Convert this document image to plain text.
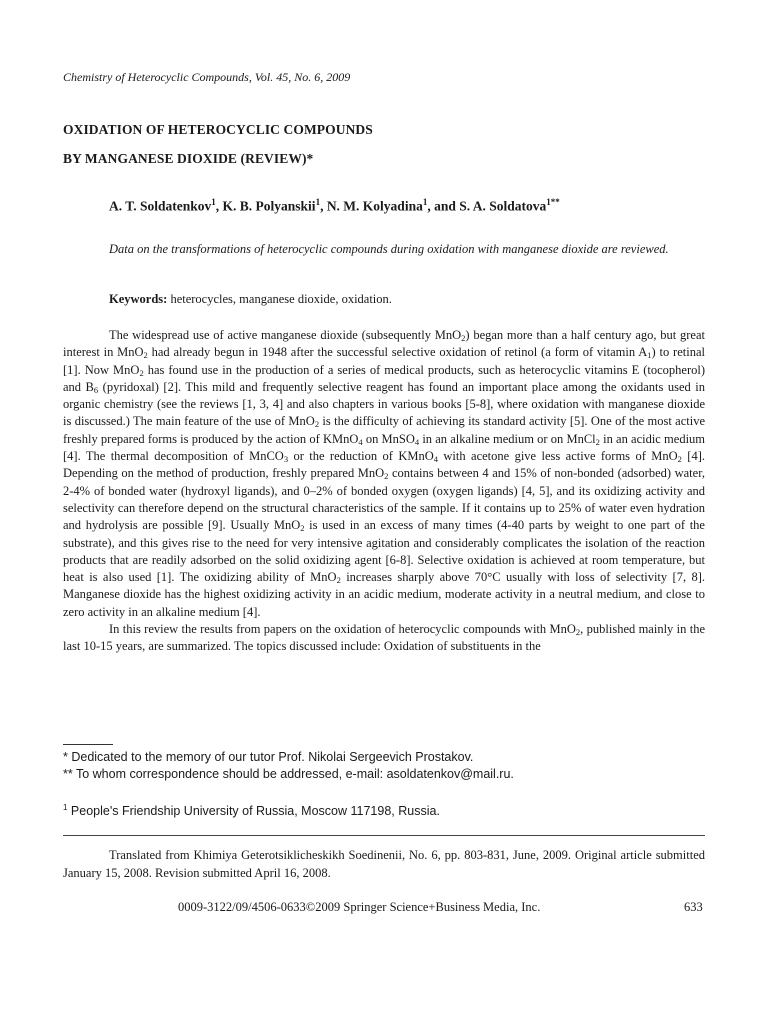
Chemistry of Heterocyclic Compounds, Vol. 45, No. 6, 2009
OXIDATION OF HETEROCYCLIC COMPOUNDS
BY MANGANESE DIOXIDE (REVIEW)*
A. T. Soldatenkov$^1$, K. B. Polyanskii$^1$, N. M. Kolyadina$^1$, and S. A. Soldatova$^{1**}$
Data on the transformations of heterocyclic compounds during oxidation with manganese dioxide are reviewed.
Keywords: heterocycles, manganese dioxide, oxidation.

The widespread use of active manganese dioxide (subsequently MnO$_2$) began more than a half century ago, but great interest in MnO$_2$ had already begun in 1948 after the successful selective oxidation of retinol (a form of vitamin $A_1$) to retinal [1]. Now MnO$_2$ has found use in the production of a series of medical products, such as heterocyclic vitamins E (tocopherol) and $B_6$ (pyridoxal) [2]. This mild and frequently selective reagent has found an important place among the oxidants used in organic chemistry (see the reviews [1, 3, 4] and also chapters in various books [5-8], where oxidation with manganese dioxide is discussed.) The main feature of the use of MnO$_2$ is the difficulty of achieving its standard activity [5]. One of the most active freshly prepared forms is produced by the action of KMnO$_4$ on MnSO$_4$ in an alkaline medium or on MnCl$_2$ in an acidic medium [4]. The thermal decomposition of MnCO$_3$ or the reduction of KMnO$_4$ with acetone give less active forms of MnO$_2$ [4]. Depending on the method of production, freshly prepared MnO$_2$ contains between 4 and 15% of non-bonded (adsorbed) water, 2-4% of bonded water (hydroxyl ligands), and 0–2% of bonded oxygen (oxygen ligands) [4, 5], and its oxidizing activity and selectivity can therefore depend on the structural characteristics of the sample. If it contains up to 25% of water even hydration and hydrolysis are possible [9]. Usually MnO$_2$ is used in an excess of many times (4-40 parts by weight to one part of the substrate), and this gives rise to the need for very intensive agitation and considerably complicates the isolation of the reaction products that are readily adsorbed on the solid oxidizing agent [6-8]. Selective oxidation is achieved at room temperature, but heat is also used [1]. The oxidizing ability of MnO$_2$ increases sharply above 70°C usually with loss of selectivity [7, 8]. Manganese dioxide has the highest oxidizing activity in an acidic medium, moderate activity in a neutral medium, and close to zero activity in an alkaline medium [4].

In this review the results from papers on the oxidation of heterocyclic compounds with MnO$_2$, published mainly in the last 10-15 years, are summarized. The topics discussed include: Oxidation of substituents in the

* Dedicated to the memory of our tutor Prof. Nikolai Sergeevich Prostakov.
** To whom correspondence should be addressed, e-mail: asoldatenkov@mail.ru.
$^1$ People's Friendship University of Russia, Moscow 117198, Russia.

Translated from Khimiya Geterotsiklicheskikh Soedinenii, No. 6, pp. 803-831, June, 2009. Original article submitted January 15, 2008. Revision submitted April 16, 2008.

0009-3122/09/4506-0633©2009 Springer Science+Business Media, Inc.	633
